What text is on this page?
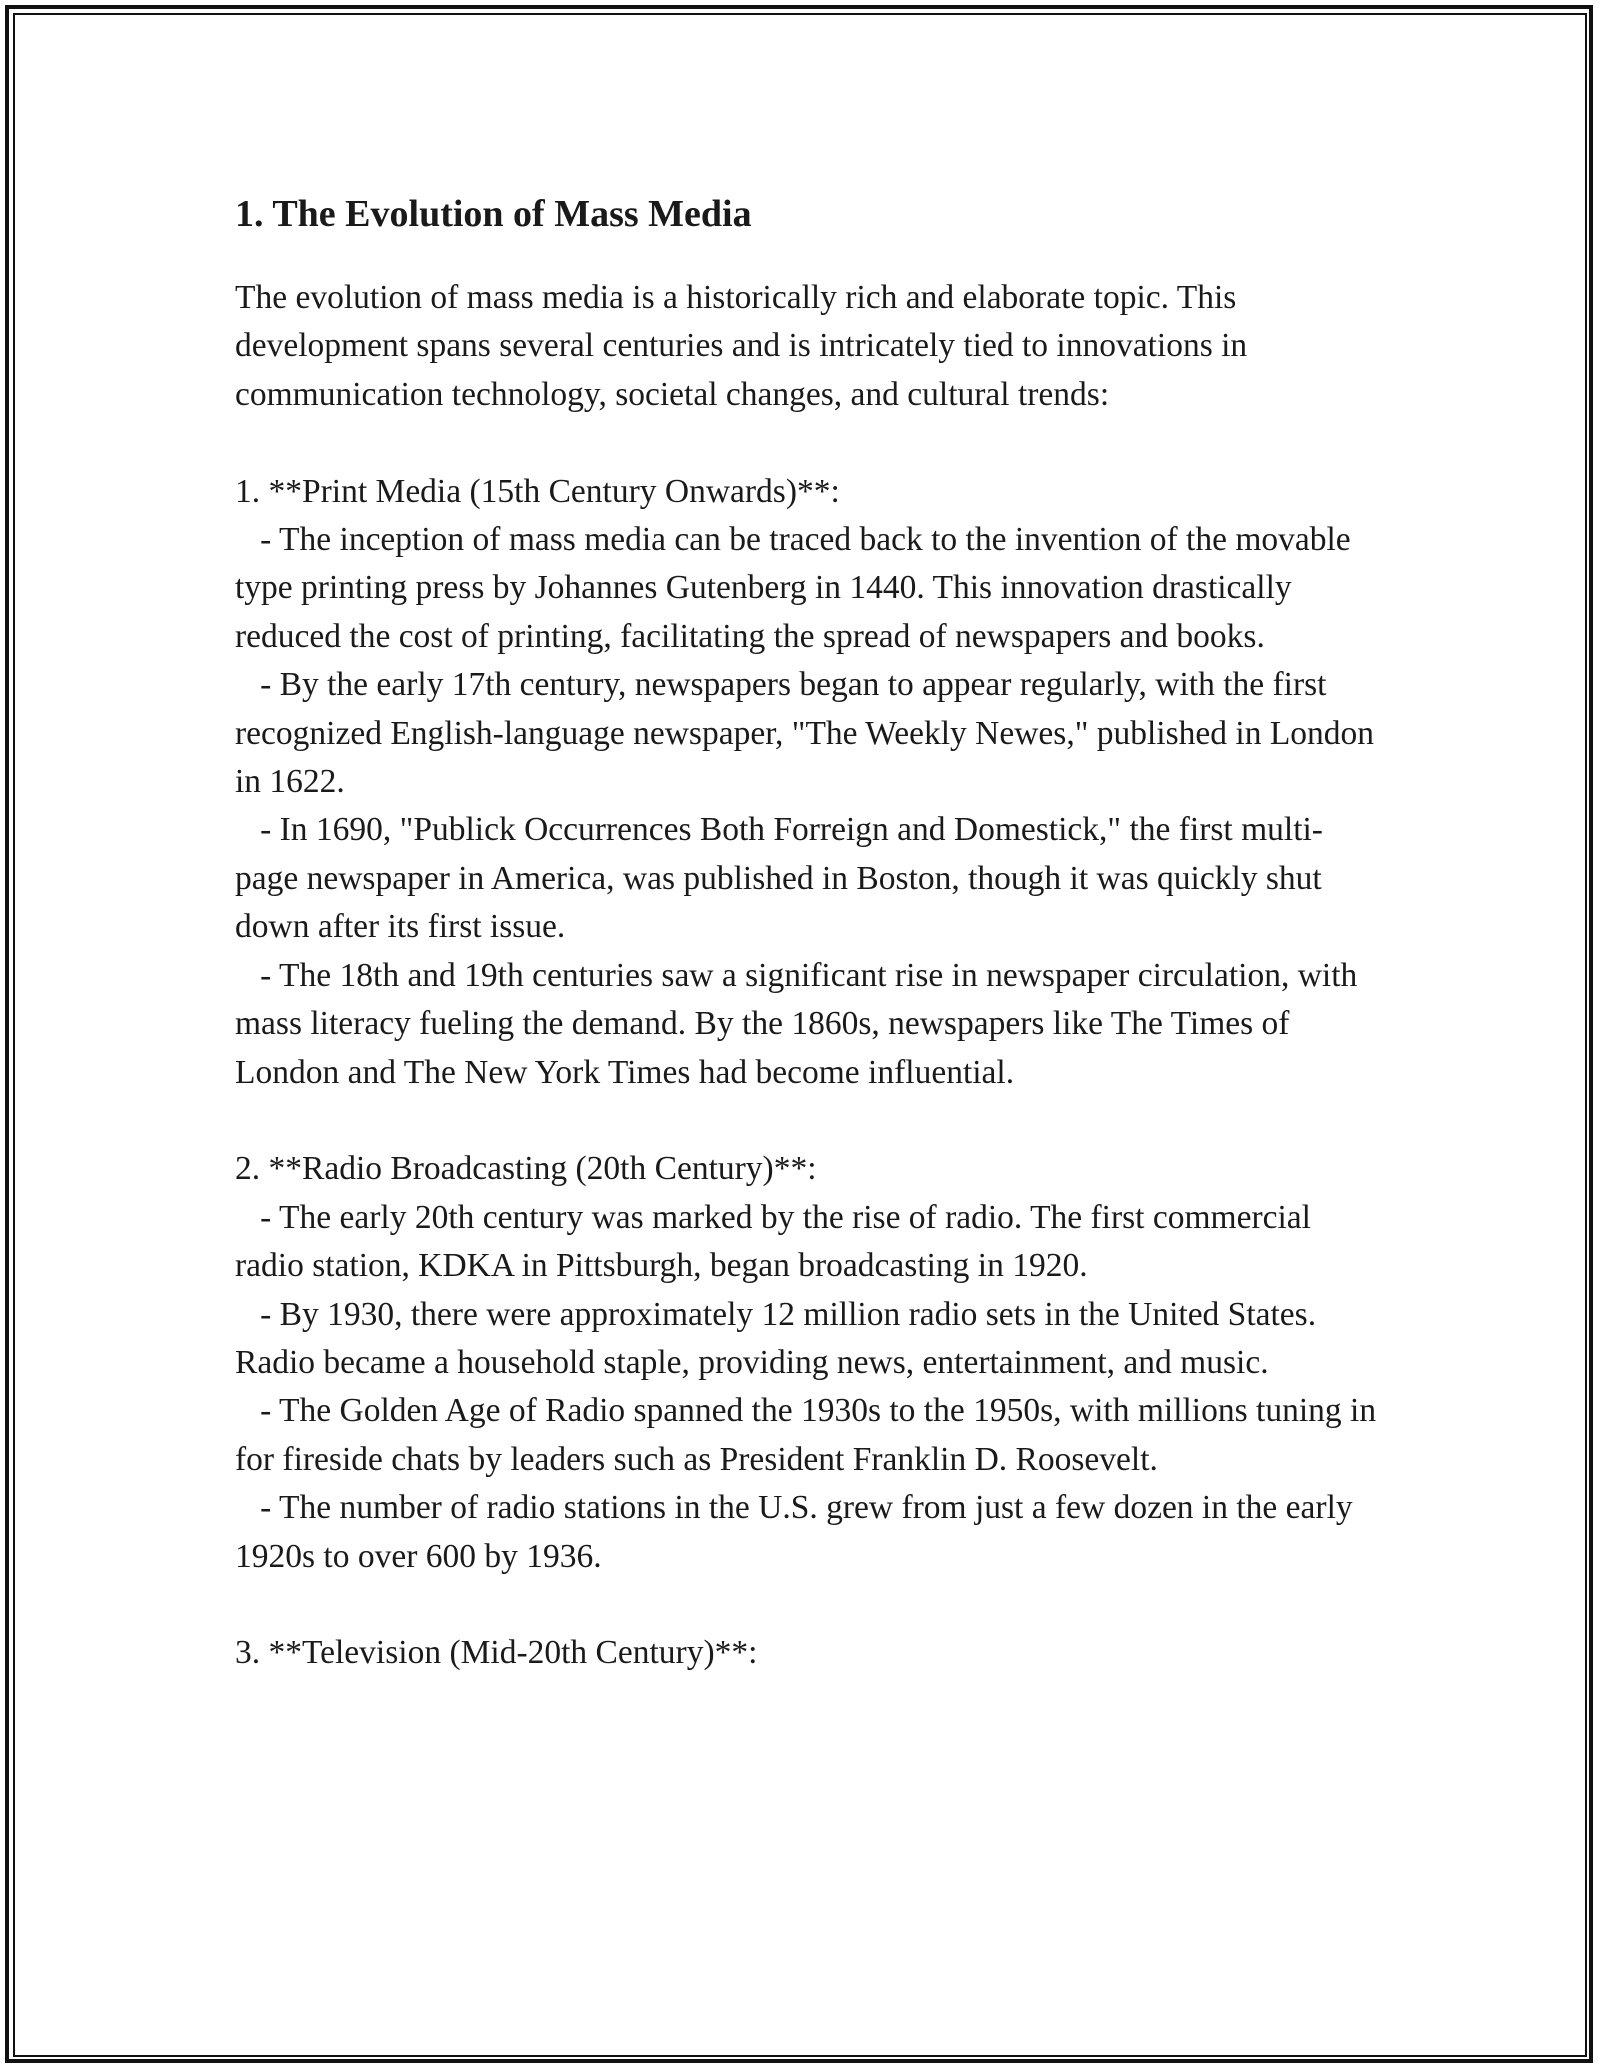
1. The Evolution of Mass Media

The evolution of mass media is a historically rich and elaborate topic. This development spans several centuries and is intricately tied to innovations in communication technology, societal changes, and cultural trends:

1. **Print Media (15th Century Onwards)**:
- The inception of mass media can be traced back to the invention of the movable type printing press by Johannes Gutenberg in 1440. This innovation drastically reduced the cost of printing, facilitating the spread of newspapers and books.
- By the early 17th century, newspapers began to appear regularly, with the first recognized English-language newspaper, "The Weekly Newes," published in London in 1622.
- In 1690, "Publick Occurrences Both Forreign and Domestick," the first multi-page newspaper in America, was published in Boston, though it was quickly shut down after its first issue.
- The 18th and 19th centuries saw a significant rise in newspaper circulation, with mass literacy fueling the demand. By the 1860s, newspapers like The Times of London and The New York Times had become influential.

2. **Radio Broadcasting (20th Century)**:
- The early 20th century was marked by the rise of radio. The first commercial radio station, KDKA in Pittsburgh, began broadcasting in 1920.
- By 1930, there were approximately 12 million radio sets in the United States. Radio became a household staple, providing news, entertainment, and music.
- The Golden Age of Radio spanned the 1930s to the 1950s, with millions tuning in for fireside chats by leaders such as President Franklin D. Roosevelt.
- The number of radio stations in the U.S. grew from just a few dozen in the early 1920s to over 600 by 1936.

3. **Television (Mid-20th Century)**:
